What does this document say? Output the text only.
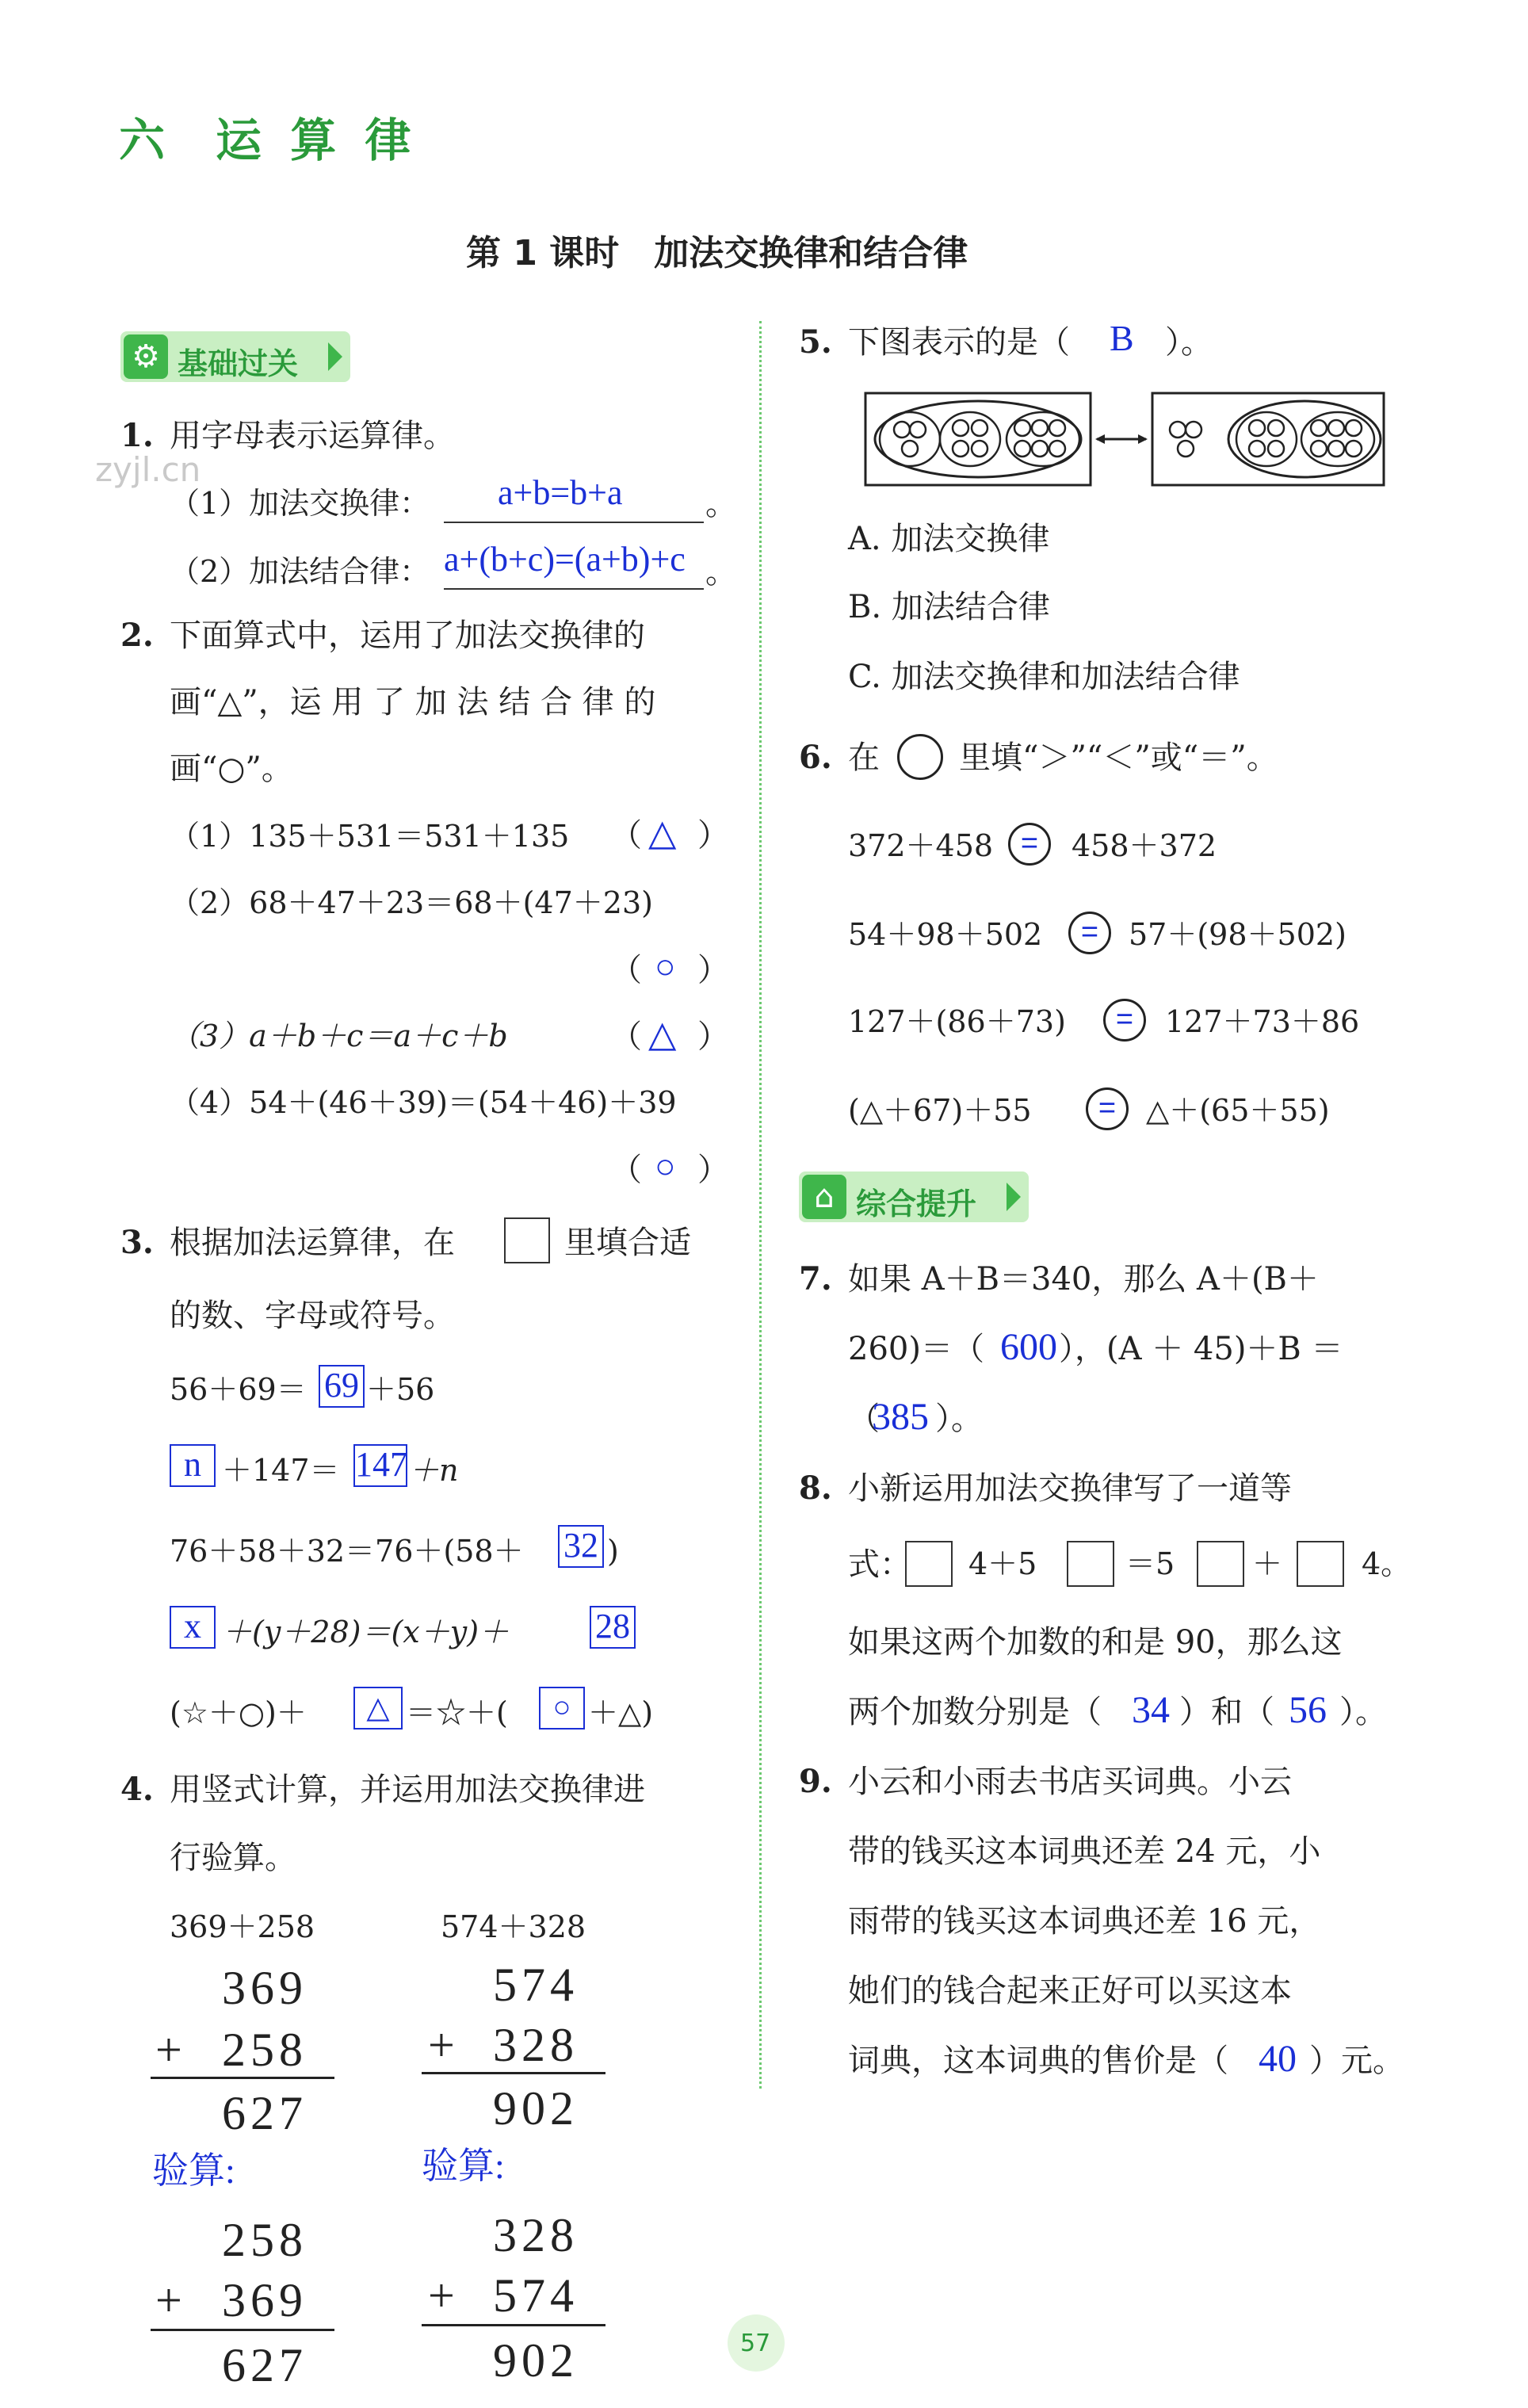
六 运 算 律
第 1 课时　加法交换律和结合律
zyjl.cn
⚙ 基础过关
1. 用字母表示运算律。
（1）加法交换律： a+b=b+a	。
（2）加法结合律： a+(b+c)=(a+b)+c 。
2. 下面算式中，运用了加法交换律的
画“△”，运 用 了 加 法 结 合 律 的
画“○”。
（1）135＋531＝531＋135 （ △ ）
（2）68＋47＋23＝68＋(47＋23)
（ ○ ）
（3）a＋b＋c＝a＋c＋b	（ △ ）
（4）54＋(46＋39)＝(54＋46)＋39
（ ○ ）
3. 根据加法运算律，在	里填合适
的数、字母或符号。
56＋69＝ 69 ＋56
n ＋147＝ 147 ＋n
76＋58＋32＝76＋(58＋ 32 )
x ＋(y＋28)＝(x＋y)＋ 28
(☆＋○)＋	△ ＝☆＋(	○ ＋△)
4. 用竖式计算，并运用加法交换律进
行验算。
369＋258	574＋328
369
+ 258
627
验算:
258
+ 369
627
574
+ 328
902
验算:
328
+ 574
902
5. 下图表示的是（ B ）。
A. 加法交换律
B. 加法结合律
C. 加法交换律和加法结合律
6. 在	里填“＞”“＜”或“＝”。
372＋458 =	458＋372
54＋98＋502	= 57＋(98＋502)
127＋(86＋73)	=	127＋73＋86
(△＋67)＋55	= △＋(65＋55)
⌂ 综合提升
7. 如果 A＋B＝340，那么 A＋(B＋
260)＝（ 600 ），(A ＋ 45)＋B ＝
（
385 ）。
8. 小新运用加法交换律写了一道等
式： 4＋5	＝5	＋	4。
如果这两个加数的和是 90，那么这
两个加数分别是（ 34 ）和（ 56 ）。
9. 小云和小雨去书店买词典。小云
带的钱买这本词典还差 24 元，小
雨带的钱买这本词典还差 16 元，
她们的钱合起来正好可以买这本
词典，这本词典的售价是（ 40 ）元。
57
